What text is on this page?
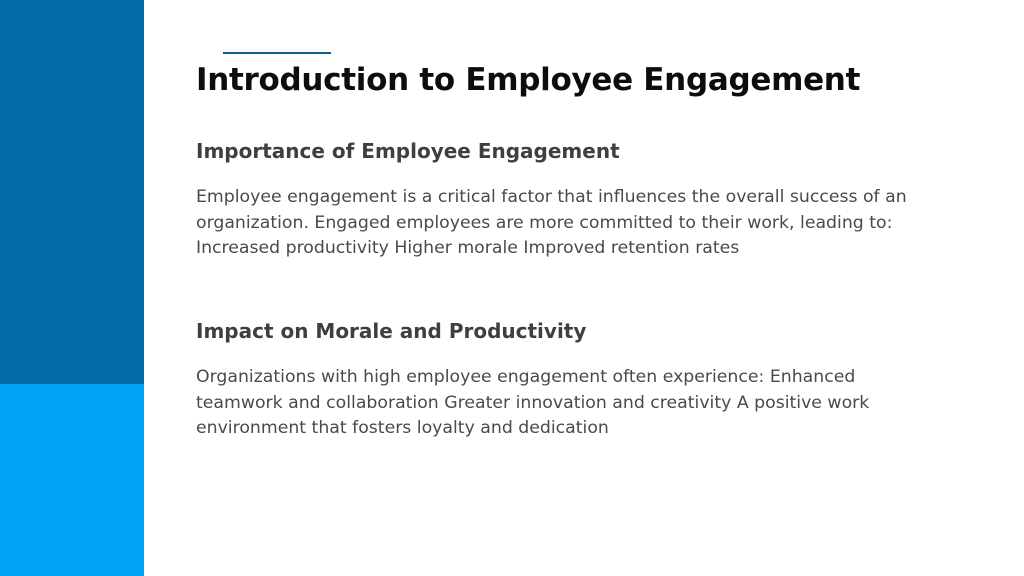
Introduction to Employee Engagement
Importance of Employee Engagement

Employee engagement is a critical factor that influences the overall success of an organization. Engaged employees are more committed to their work, leading to: Increased productivity Higher morale Improved retention rates

Impact on Morale and Productivity

Organizations with high employee engagement often experience: Enhanced teamwork and collaboration Greater innovation and creativity A positive work environment that fosters loyalty and dedication
